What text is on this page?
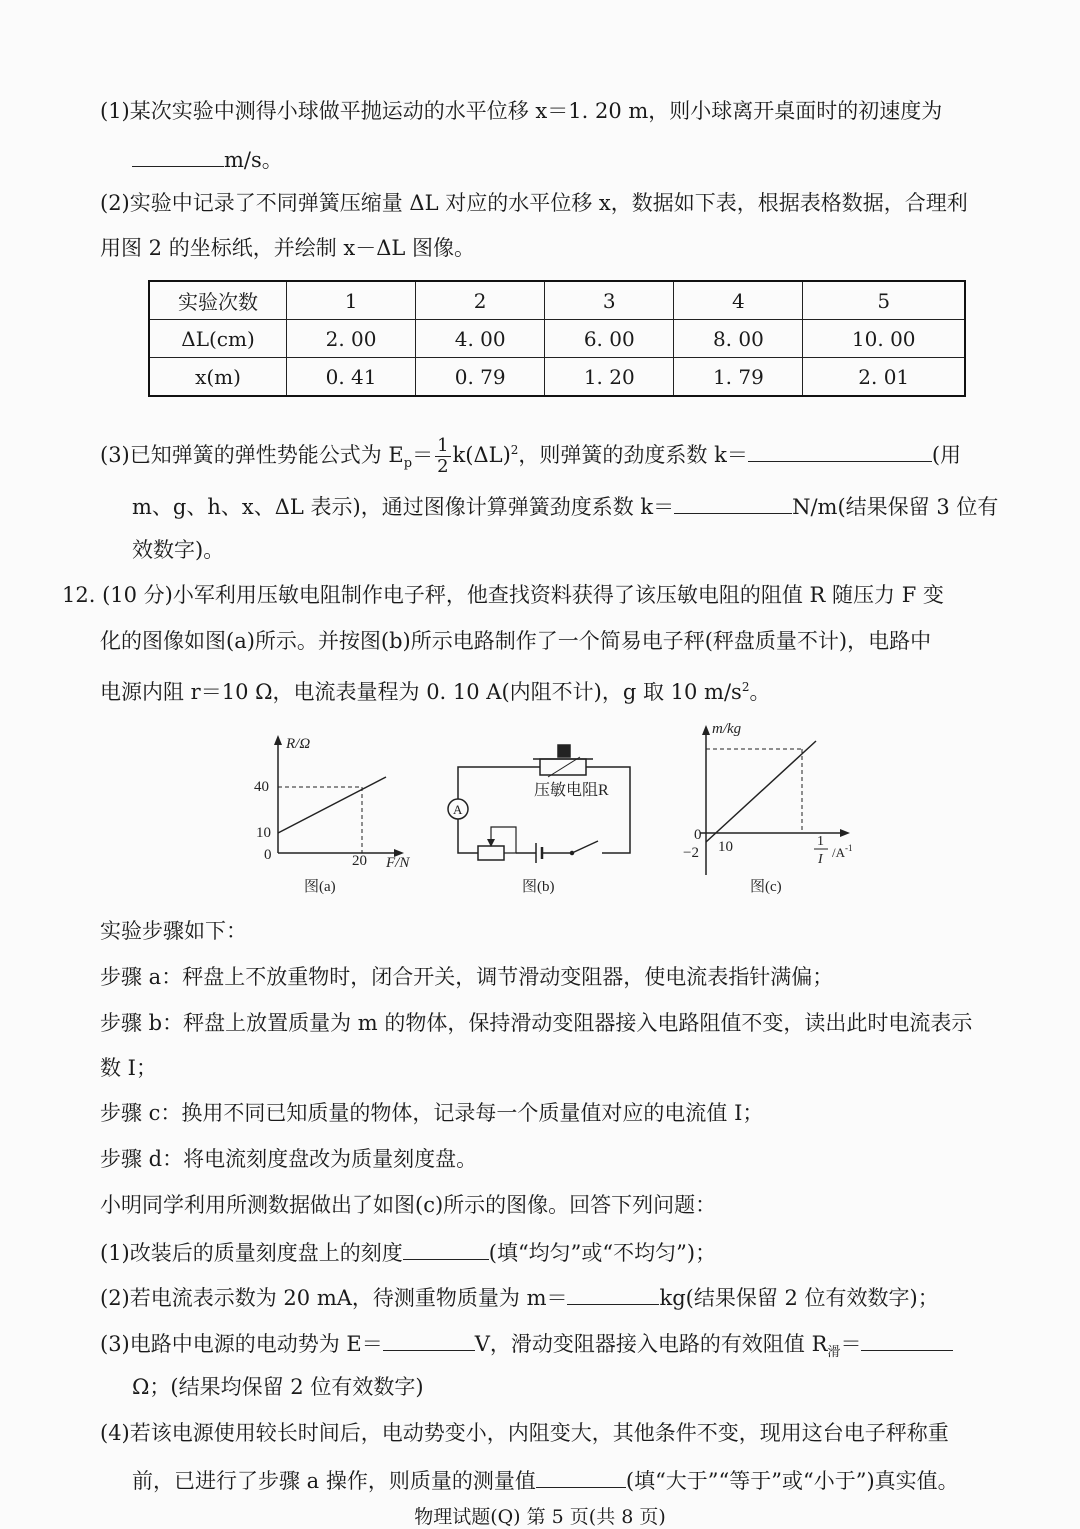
(1)某次实验中测得小球做平抛运动的水平位移 x＝1. 20 m，则小球离开桌面时的初速度为
m/s。
(2)实验中记录了不同弹簧压缩量 ΔL 对应的水平位移 x，数据如下表，根据表格数据，合理利
用图 2 的坐标纸，并绘制 x－ΔL 图像。
实验次数	1	2	3	4	5
ΔL(cm)	2. 00	4. 00	6. 00	8. 00	10. 00
x(m)	0. 41	0. 79	1. 20	1. 79	2. 01
(3)已知弹簧的弹性势能公式为 $E_p= \frac{1}{2} k(\Delta L)^2$，则弹簧的劲度系数 k＝	(用
m、g、h、x、ΔL 表示)，通过图像计算弹簧劲度系数 k＝	N/m(结果保留 3 位有
效数字)。
12. (10 分)小军利用压敏电阻制作电子秤，他查找资料获得了该压敏电阻的阻值 R 随压力 F 变
化的图像如图(a)所示。并按图(b)所示电路制作了一个简易电子秤(秤盘质量不计)，电路中
电源内阻 r＝10 Ω，电流表量程为 0. 10 A(内阻不计)，g 取 10 $m/s^2$。
R/Ω
40
10
0	20 F/N
图(a)
压敏电阻R
A
图(b)
m/kg
0
−2 10	1
I $/A^{-1}$
图(c)
实验步骤如下：
步骤 a：秤盘上不放重物时，闭合开关，调节滑动变阻器，使电流表指针满偏；
步骤 b：秤盘上放置质量为 m 的物体，保持滑动变阻器接入电路阻值不变，读出此时电流表示
数 I；
步骤 c：换用不同已知质量的物体，记录每一个质量值对应的电流值 I；
步骤 d：将电流刻度盘改为质量刻度盘。
小明同学利用所测数据做出了如图(c)所示的图像。回答下列问题：
(1)改装后的质量刻度盘上的刻度	(填“均匀”或“不均匀”)；
(2)若电流表示数为 20 mA，待测重物质量为 m＝	kg(结果保留 2 位有效数字)；
(3)电路中电源的电动势为 E＝	V，滑动变阻器接入电路的有效阻值 $R_滑=$
Ω；(结果均保留 2 位有效数字)
(4)若该电源使用较长时间后，电动势变小，内阻变大，其他条件不变，现用这台电子秤称重
前，已进行了步骤 a 操作，则质量的测量值	(填“大于”“等于”或“小于”)真实值。
物理试题(Q) 第 5 页(共 8 页)
